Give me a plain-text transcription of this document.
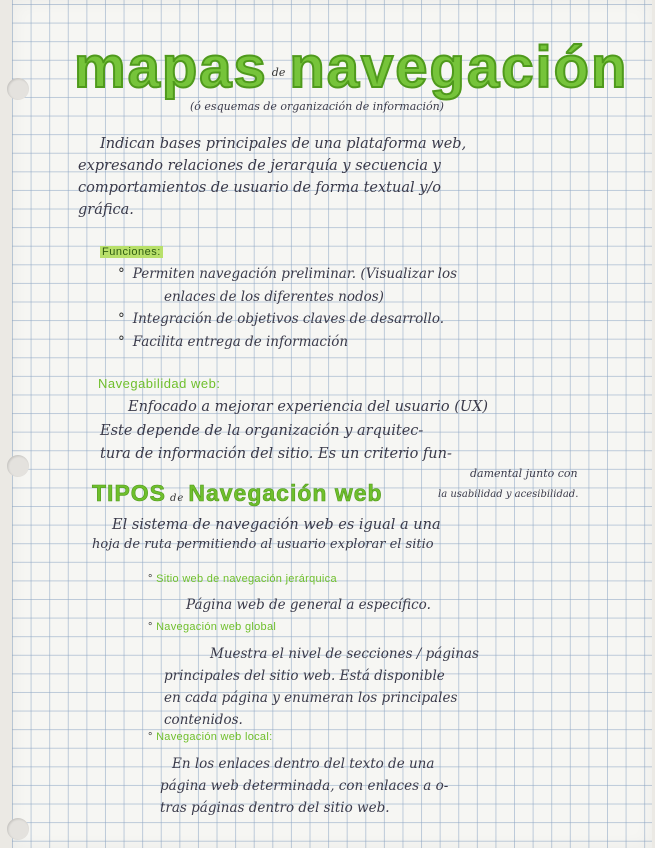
mapas denavegación
(ó esquemas de organización de información)
Indican bases principales de una plataforma web,
expresando relaciones de jerarquía y secuencia y
comportamientos de usuario de forma textual y/o
gráfica.
Funciones:
° Permiten navegación preliminar. (Visualizar los
enlaces de los diferentes nodos)
° Integración de objetivos claves de desarrollo.
° Facilita entrega de información
Navegabilidad web:
Enfocado a mejorar experiencia del usuario (UX)
Este depende de la organización y arquitec-
tura de información del sitio. Es un criterio fun-
damental junto con
la usabilidad y acesibilidad.
TIPOS de Navegación web
El sistema de navegación web es igual a una
hoja de ruta permitiendo al usuario explorar el sitio
° Sitio web de navegación jerárquica
Página web de general a específico.
° Navegación web global
Muestra el nivel de secciones / páginas
principales del sitio web. Está disponible
en cada página y enumeran los principales
contenidos.
° Navegación web local:
En los enlaces dentro del texto de una
página web determinada, con enlaces a o-
tras páginas dentro del sitio web.
